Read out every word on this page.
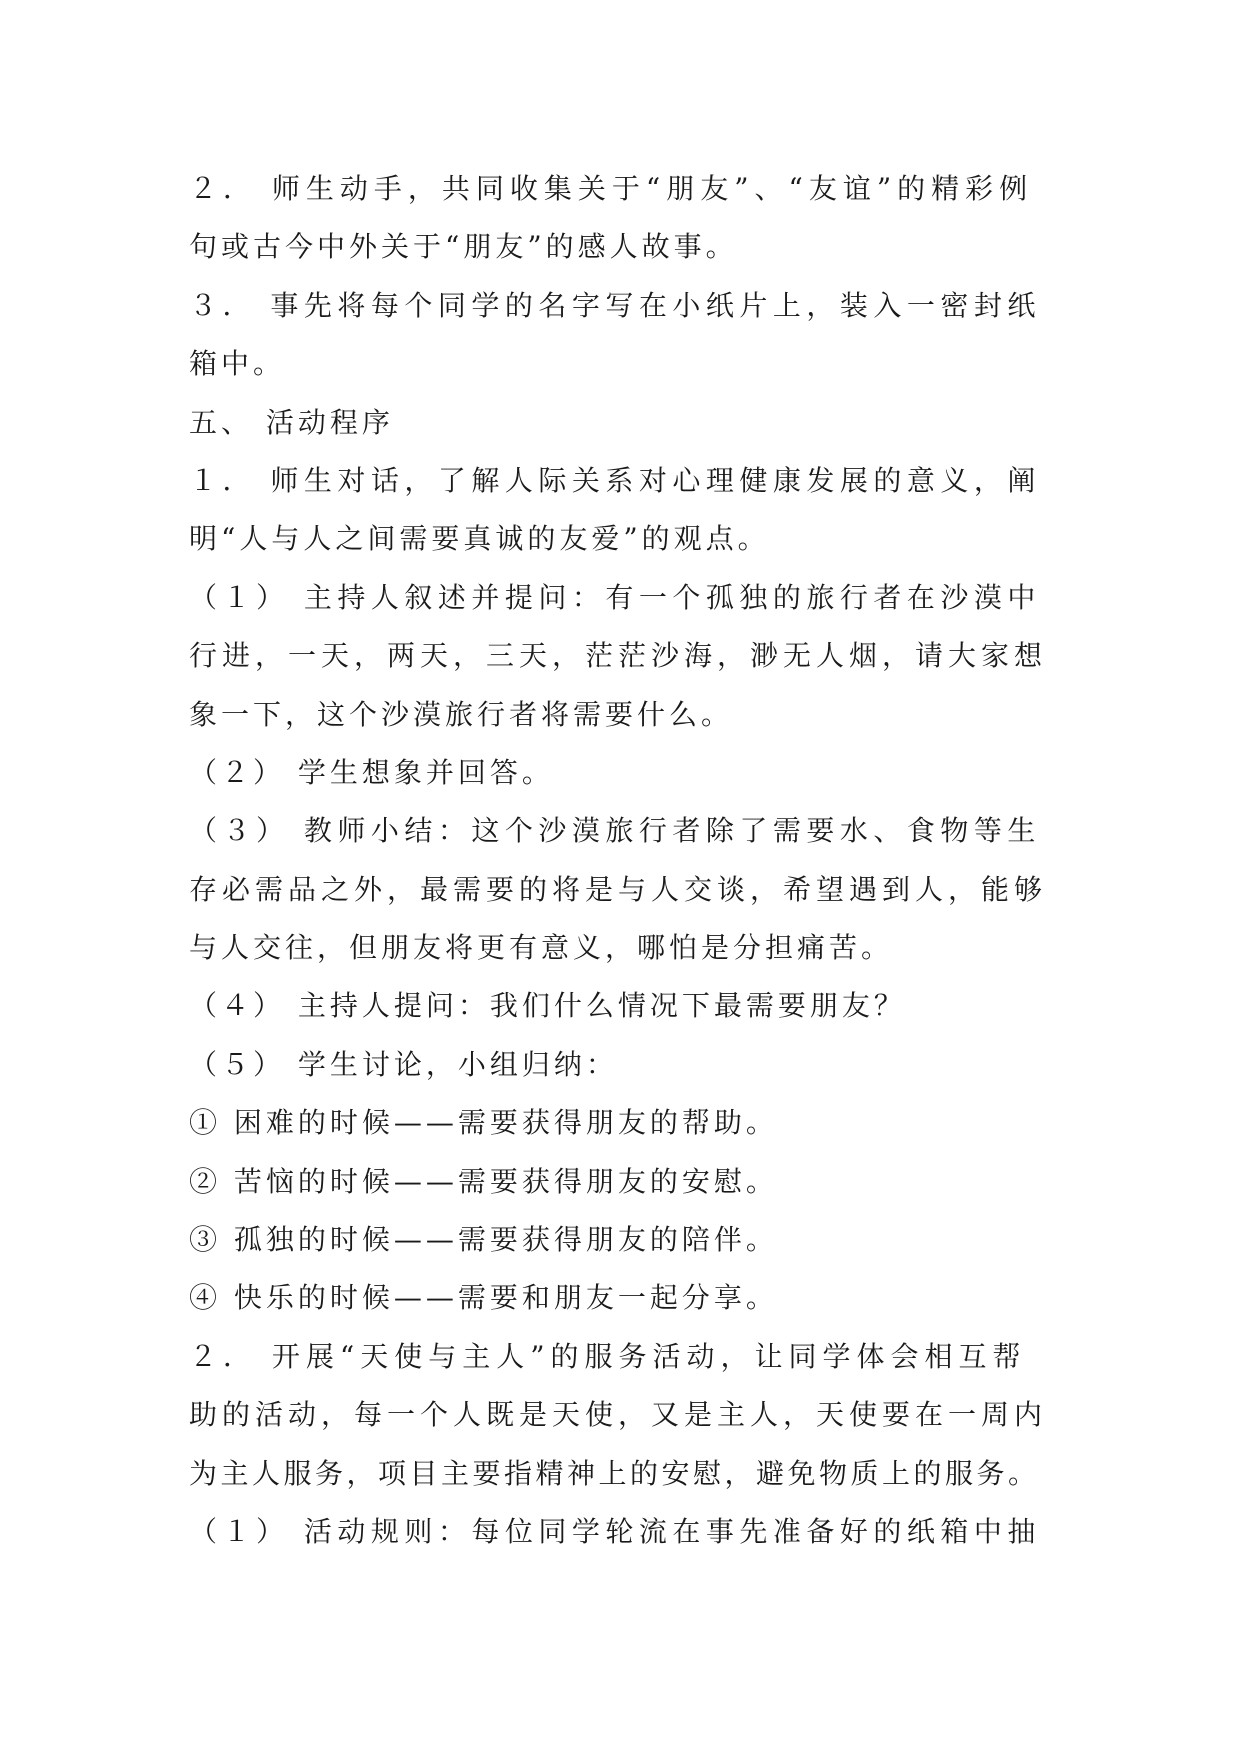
２． 师生动手，共同收集关于“朋友”、“友谊”的精彩例
句或古今中外关于“朋友”的感人故事。
３． 事先将每个同学的名字写在小纸片上，装入一密封纸
箱中。
五、 活动程序
１． 师生对话，了解人际关系对心理健康发展的意义，阐
明“人与人之间需要真诚的友爱”的观点。
（１） 主持人叙述并提问：有一个孤独的旅行者在沙漠中
行进，一天，两天，三天，茫茫沙海，渺无人烟，请大家想
象一下，这个沙漠旅行者将需要什么。
（２） 学生想象并回答。
（３） 教师小结：这个沙漠旅行者除了需要水、食物等生
存必需品之外，最需要的将是与人交谈，希望遇到人，能够
与人交往，但朋友将更有意义，哪怕是分担痛苦。
（４） 主持人提问：我们什么情况下最需要朋友？
（５） 学生讨论，小组归纳：
① 困难的时候——需要获得朋友的帮助。
② 苦恼的时候——需要获得朋友的安慰。
③ 孤独的时候——需要获得朋友的陪伴。
④ 快乐的时候——需要和朋友一起分享。
２． 开展“天使与主人”的服务活动，让同学体会相互帮
助的活动，每一个人既是天使，又是主人，天使要在一周内
为主人服务，项目主要指精神上的安慰，避免物质上的服务。
（１） 活动规则：每位同学轮流在事先准备好的纸箱中抽
